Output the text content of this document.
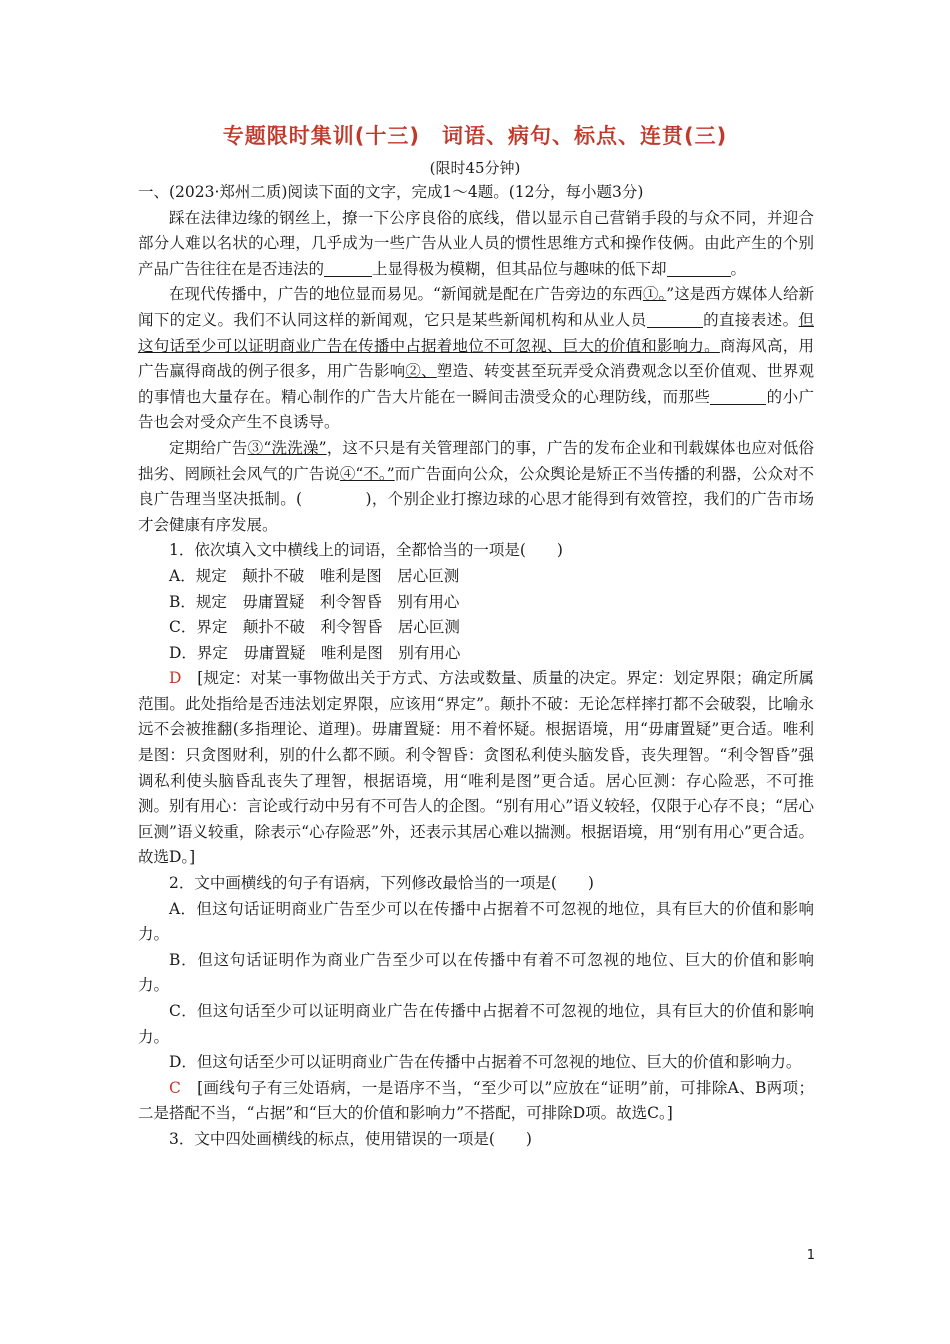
专题限时集训(十三)　词语、病句、标点、连贯(三)
(限时45分钟)

一、(2023·郑州二质)阅读下面的文字，完成1～4题。(12分，每小题3分)

踩在法律边缘的钢丝上，撩一下公序良俗的底线，借以显示自己营销手段的与众不同，并迎合部分人难以名状的心理，几乎成为一些广告从业人员的惯性思维方式和操作伎俩。由此产生的个别产品广告往往在是否违法的	上显得极为模糊，但其品位与趣味的低下却	。

在现代传播中，广告的地位显而易见。“新闻就是配在广告旁边的东西①。”这是西方媒体人给新闻下的定义。我们不认同这样的新闻观，它只是某些新闻机构和从业人员	的直接表述。但这句话至少可以证明商业广告在传播中占据着地位不可忽视、巨大的价值和影响力。商海风高，用广告赢得商战的例子很多，用广告影响②、塑造、转变甚至玩弄受众消费观念以至价值观、世界观的事情也大量存在。精心制作的广告大片能在一瞬间击溃受众的心理防线，而那些	的小广告也会对受众产生不良诱导。

定期给广告③“洗洗澡”，这不只是有关管理部门的事，广告的发布企业和刊载媒体也应对低俗拙劣、罔顾社会风气的广告说④“不。”而广告面向公众，公众舆论是矫正不当传播的利器，公众对不良广告理当坚决抵制。(　　　　)，个别企业打擦边球的心思才能得到有效管控，我们的广告市场才会健康有序发展。

1．依次填入文中横线上的词语，全都恰当的一项是(　　)

A．规定　颠扑不破　唯利是图　居心叵测

B．规定　毋庸置疑　利令智昏　别有用心

C．界定　颠扑不破　利令智昏　居心叵测

D．界定　毋庸置疑　唯利是图　别有用心

D　 [规定：对某一事物做出关于方式、方法或数量、质量的决定。界定：划定界限；确定所属范围。此处指给是否违法划定界限，应该用“界定”。颠扑不破：无论怎样摔打都不会破裂，比喻永远不会被推翻(多指理论、道理)。毋庸置疑：用不着怀疑。根据语境，用“毋庸置疑”更合适。唯利是图：只贪图财利，别的什么都不顾。利令智昏：贪图私利使头脑发昏，丧失理智。“利令智昏”强调私利使头脑昏乱丧失了理智，根据语境，用“唯利是图”更合适。居心叵测：存心险恶，不可推测。别有用心：言论或行动中另有不可告人的企图。“别有用心”语义较轻，仅限于心存不良；“居心叵测”语义较重，除表示“心存险恶”外，还表示其居心难以揣测。根据语境，用“别有用心”更合适。故选D。]

2．文中画横线的句子有语病，下列修改最恰当的一项是(　　)

A．但这句话证明商业广告至少可以在传播中占据着不可忽视的地位，具有巨大的价值和影响力。

B．但这句话证明作为商业广告至少可以在传播中有着不可忽视的地位、巨大的价值和影响力。

C．但这句话至少可以证明商业广告在传播中占据着不可忽视的地位，具有巨大的价值和影响力。

D．但这句话至少可以证明商业广告在传播中占据着不可忽视的地位、巨大的价值和影响力。

C　 [画线句子有三处语病，一是语序不当，“至少可以”应放在“证明”前，可排除A、B两项；二是搭配不当，“占据”和“巨大的价值和影响力”不搭配，可排除D项。故选C。]

3．文中四处画横线的标点，使用错误的一项是(　　)

1
